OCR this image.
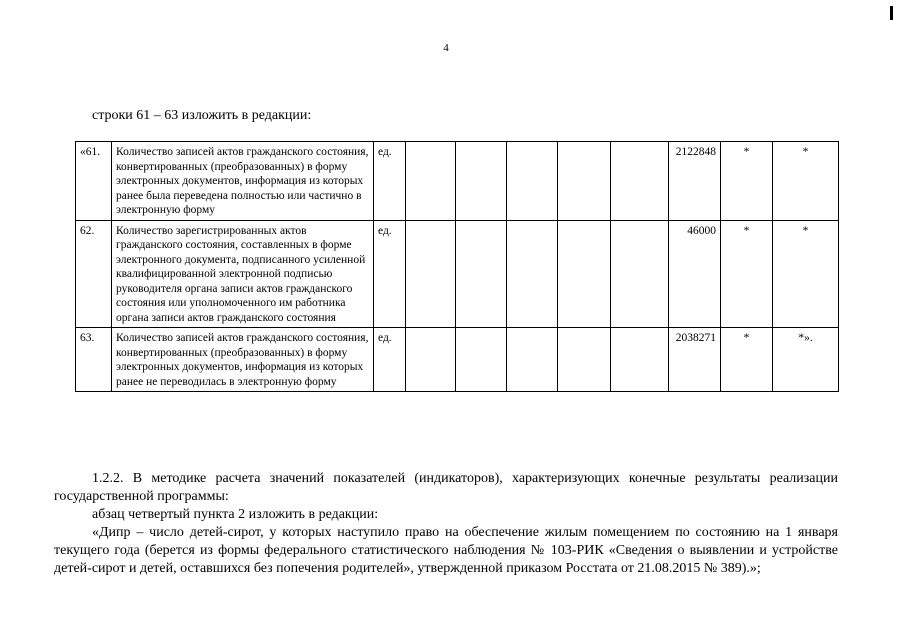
4
строки 61 – 63 изложить в редакции:
«61.	Количество записей актов гражданского состояния, конвертированных (преобразованных) в форму электронных документов, информация из которых ранее была переведена полностью или частично в электронную форму	ед.						2122848	*	*
62.	Количество зарегистрированных актов гражданского состояния, составленных в форме электронного документа, подписанного усиленной квалифицированной электронной подписью руководителя органа записи актов гражданского состояния или уполномоченного им работника органа записи актов гражданского состояния	ед.						46000	*	*
63.	Количество записей актов гражданского состояния, конвертированных (преобразованных) в форму электронных документов, информация из которых ранее не переводилась в электронную форму	ед.						2038271	*	*».

1.2.2. В методике расчета значений показателей (индикаторов), характеризующих конечные результаты реализации государственной программы:

абзац четвертый пункта 2 изложить в редакции:

«Дипр – число детей-сирот, у которых наступило право на обеспечение жилым помещением по состоянию на 1 января текущего года (берется из формы федерального статистического наблюдения № 103-РИК «Сведения о выявлении и устройстве детей-сирот и детей, оставшихся без попечения родителей», утвержденной приказом Росстата от 21.08.2015 № 389).»;
